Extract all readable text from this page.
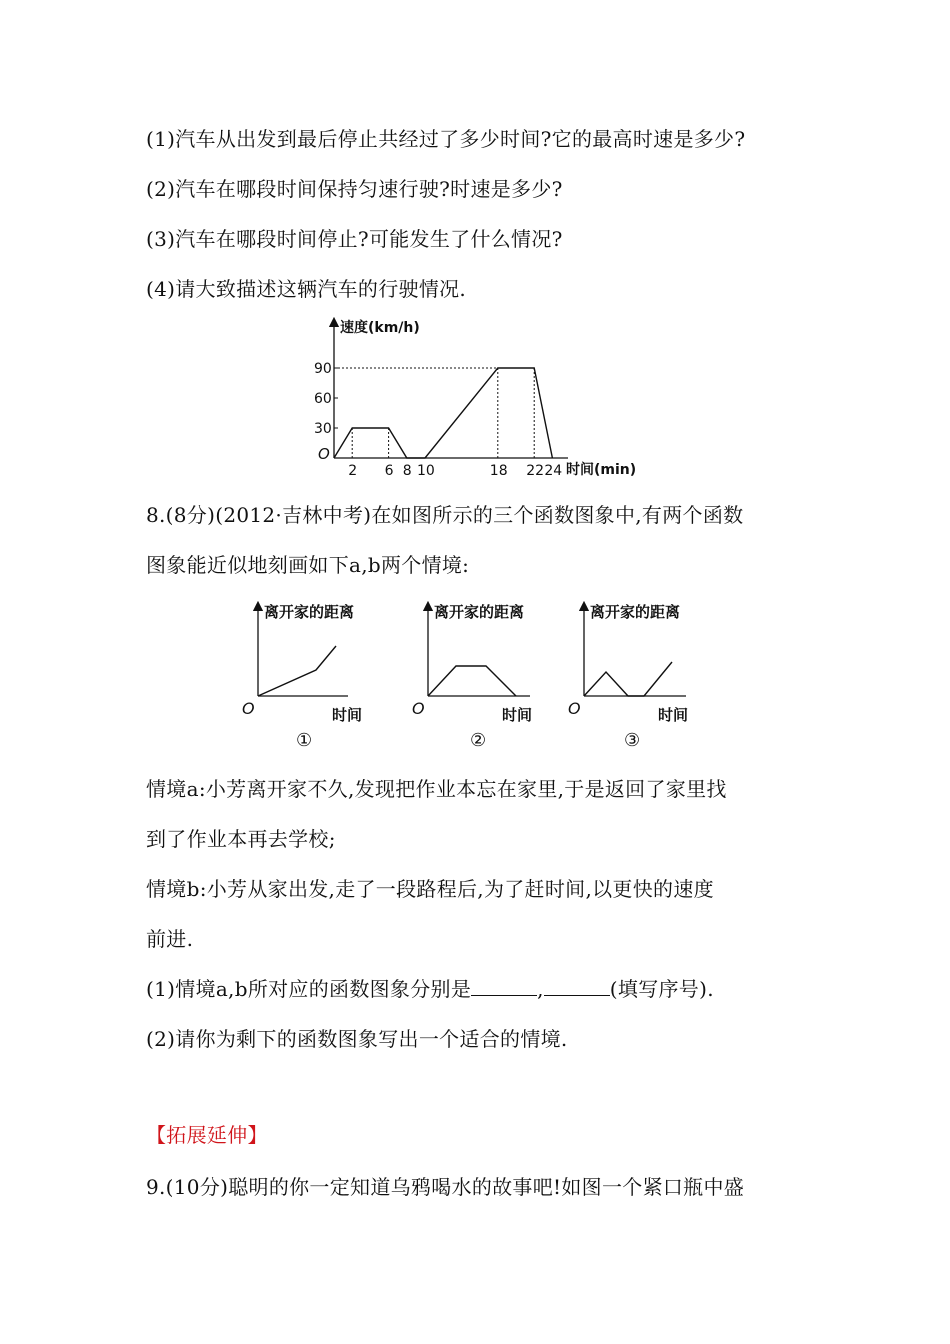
(1)汽车从出发到最后停止共经过了多少时间?它的最高时速是多少?
(2)汽车在哪段时间保持匀速行驶?时速是多少?
(3)汽车在哪段时间停止?可能发生了什么情况?
(4)请大致描述这辆汽车的行驶情况.
速度(km/h)
时间(min)
O
90
60
30
2 6 8 10	18 22 24
8.(8分)(2012·吉林中考)在如图所示的三个函数图象中,有两个函数
图象能近似地刻画如下a,b两个情境:
离开家的距离
时间
O
①
离开家的距离
时间
O
②
离开家的距离
时间
O
③
情境a:小芳离开家不久,发现把作业本忘在家里,于是返回了家里找
到了作业本再去学校;
情境b:小芳从家出发,走了一段路程后,为了赶时间,以更快的速度
前进.
(1)情境a,b所对应的函数图象分别是	,	(填写序号).
(2)请你为剩下的函数图象写出一个适合的情境.
【拓展延伸】
9.(10分)聪明的你一定知道乌鸦喝水的故事吧!如图一个紧口瓶中盛
